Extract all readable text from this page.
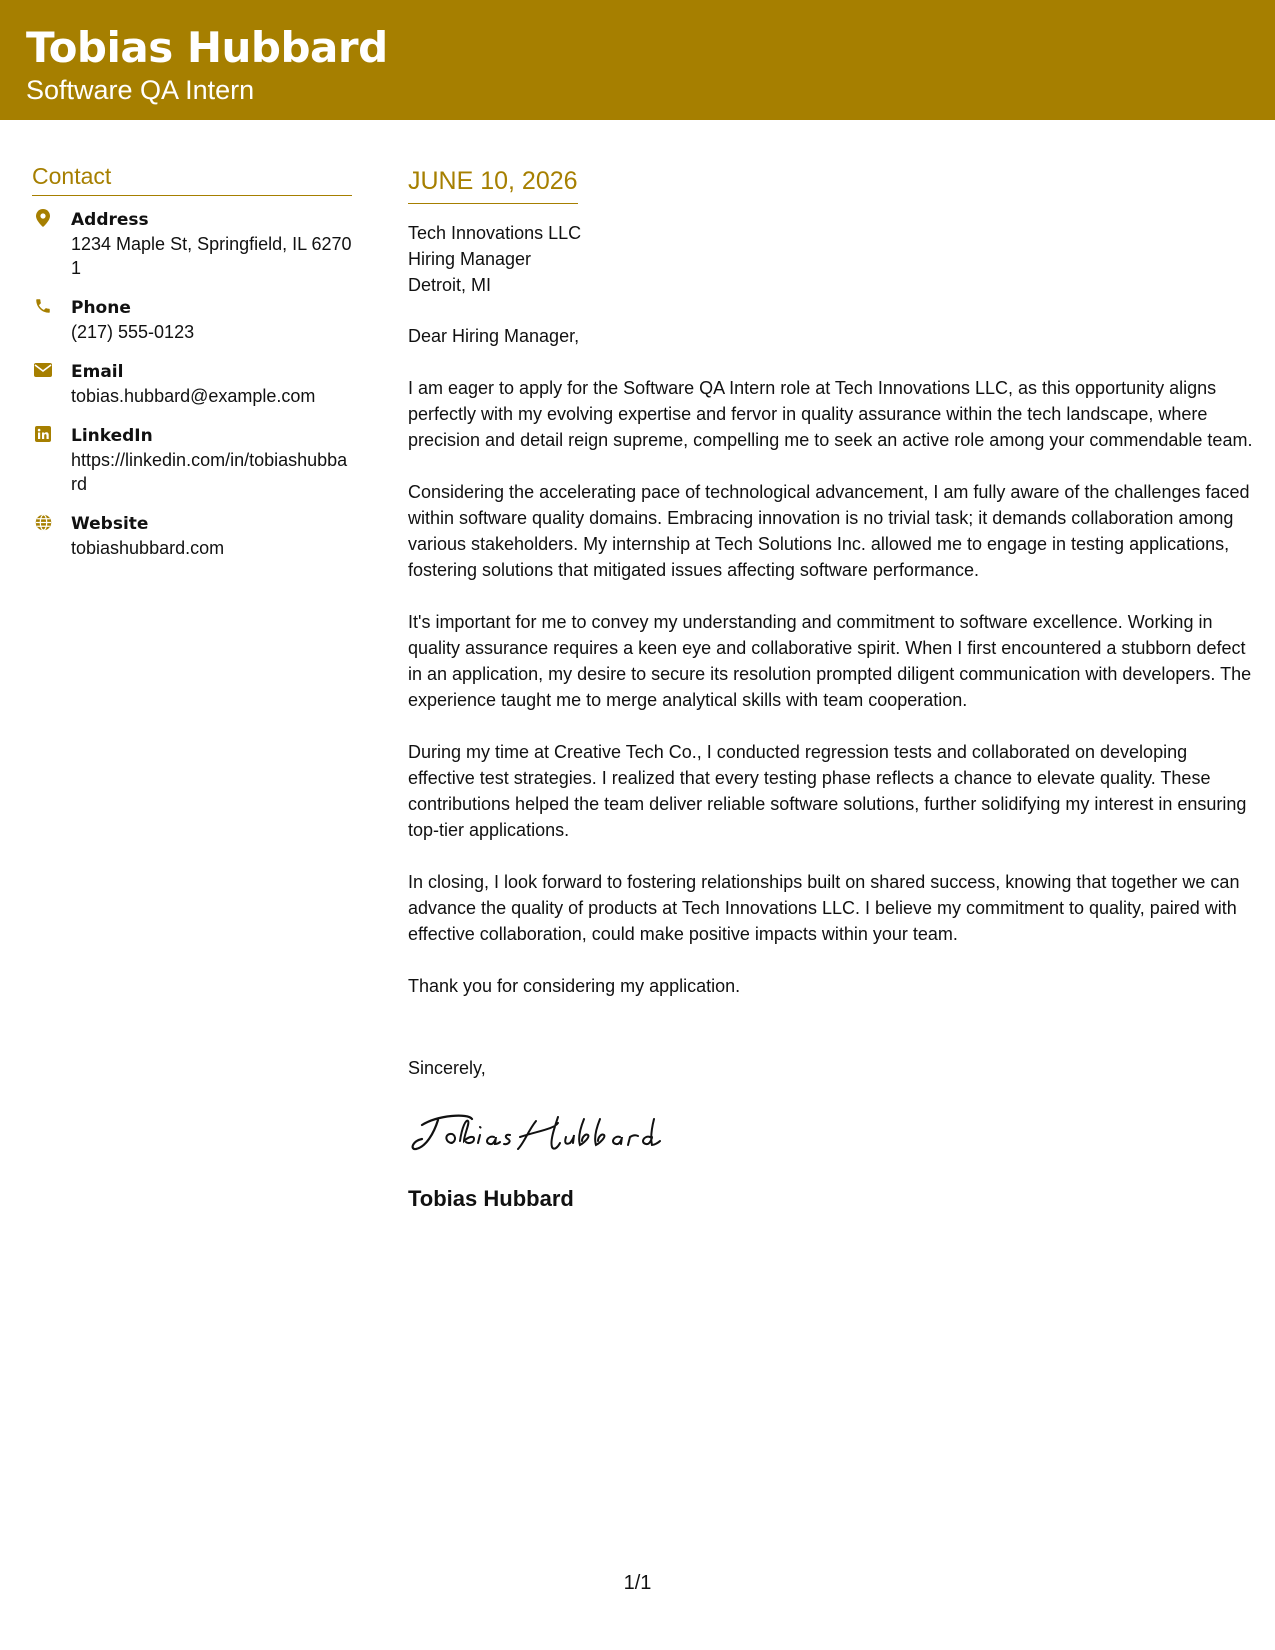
Tobias Hubbard
Software QA Intern
Contact
Address
1234 Maple St, Springfield, IL 62701
Phone
(217) 555-0123
Email
tobias.hubbard@example.com
LinkedIn
https://linkedin.com/in/tobiashubbard
Website
tobiashubbard.com
JUNE 10, 2026
Tech Innovations LLC
Hiring Manager
Detroit, MI
Dear Hiring Manager,
I am eager to apply for the Software QA Intern role at Tech Innovations LLC, as this opportunity aligns perfectly with my evolving expertise and fervor in quality assurance within the tech landscape, where precision and detail reign supreme, compelling me to seek an active role among your commendable team.
Considering the accelerating pace of technological advancement, I am fully aware of the challenges faced within software quality domains. Embracing innovation is no trivial task; it demands collaboration among various stakeholders. My internship at Tech Solutions Inc. allowed me to engage in testing applications, fostering solutions that mitigated issues affecting software performance.
It's important for me to convey my understanding and commitment to software excellence. Working in quality assurance requires a keen eye and collaborative spirit. When I first encountered a stubborn defect in an application, my desire to secure its resolution prompted diligent communication with developers. The experience taught me to merge analytical skills with team cooperation.
During my time at Creative Tech Co., I conducted regression tests and collaborated on developing effective test strategies. I realized that every testing phase reflects a chance to elevate quality. These contributions helped the team deliver reliable software solutions, further solidifying my interest in ensuring top-tier applications.
In closing, I look forward to fostering relationships built on shared success, knowing that together we can advance the quality of products at Tech Innovations LLC. I believe my commitment to quality, paired with effective collaboration, could make positive impacts within your team.
Thank you for considering my application.
Sincerely,
Tobias Hubbard
1/1
